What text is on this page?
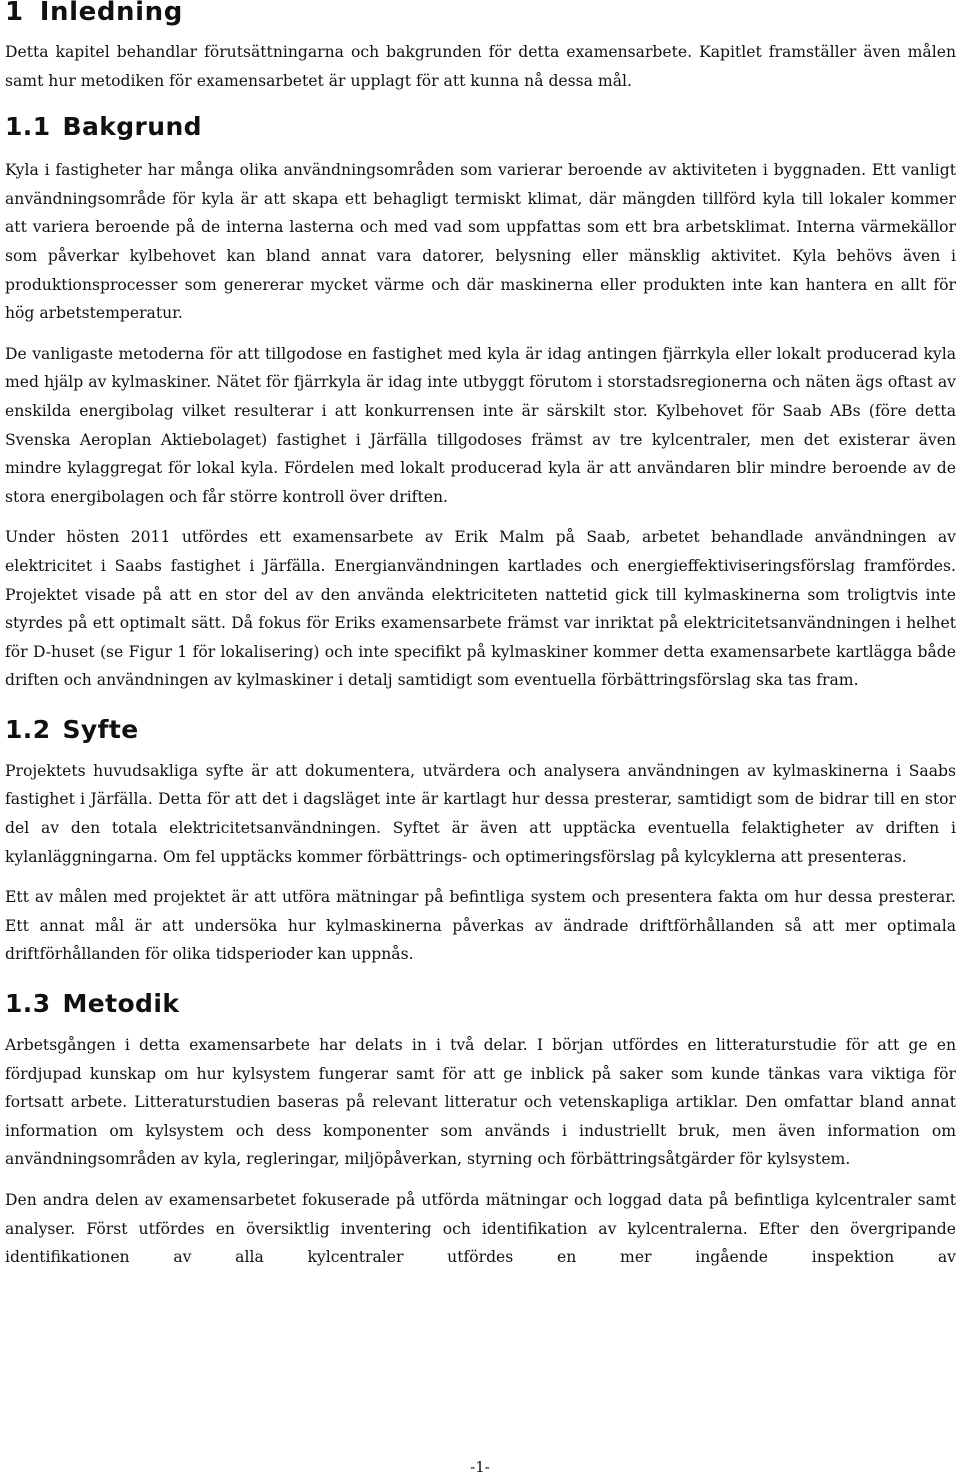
1 Inledning

Detta kapitel behandlar förutsättningarna och bakgrunden för detta examensarbete. Kapitlet framställer även målen samt hur metodiken för examensarbetet är upplagt för att kunna nå dessa mål.

1.1 Bakgrund

Kyla i fastigheter har många olika användningsområden som varierar beroende av aktiviteten i byggnaden. Ett vanligt användningsområde för kyla är att skapa ett behagligt termiskt klimat, där mängden tillförd kyla till lokaler kommer att variera beroende på de interna lasterna och med vad som uppfattas som ett bra arbetsklimat. Interna värmekällor som påverkar kylbehovet kan bland annat vara datorer, belysning eller mänsklig aktivitet. Kyla behövs även i produktionsprocesser som genererar mycket värme och där maskinerna eller produkten inte kan hantera en allt för hög arbetstemperatur.

De vanligaste metoderna för att tillgodose en fastighet med kyla är idag antingen fjärrkyla eller lokalt producerad kyla med hjälp av kylmaskiner. Nätet för fjärrkyla är idag inte utbyggt förutom i storstadsregionerna och näten ägs oftast av enskilda energibolag vilket resulterar i att konkurrensen inte är särskilt stor. Kylbehovet för Saab ABs (före detta Svenska Aeroplan Aktiebolaget) fastighet i Järfälla tillgodoses främst av tre kylcentraler, men det existerar även mindre kylaggregat för lokal kyla. Fördelen med lokalt producerad kyla är att användaren blir mindre beroende av de stora energibolagen och får större kontroll över driften.

Under hösten 2011 utfördes ett examensarbete av Erik Malm på Saab, arbetet behandlade användningen av elektricitet i Saabs fastighet i Järfälla. Energianvändningen kartlades och energieffektiviseringsförslag framfördes. Projektet visade på att en stor del av den använda elektriciteten nattetid gick till kylmaskinerna som troligtvis inte styrdes på ett optimalt sätt. Då fokus för Eriks examensarbete främst var inriktat på elektricitetsanvändningen i helhet för D-huset (se Figur 1 för lokalisering) och inte specifikt på kylmaskiner kommer detta examensarbete kartlägga både driften och användningen av kylmaskiner i detalj samtidigt som eventuella förbättringsförslag ska tas fram.

1.2 Syfte

Projektets huvudsakliga syfte är att dokumentera, utvärdera och analysera användningen av kylmaskinerna i Saabs fastighet i Järfälla. Detta för att det i dagsläget inte är kartlagt hur dessa presterar, samtidigt som de bidrar till en stor del av den totala elektricitetsanvändningen. Syftet är även att upptäcka eventuella felaktigheter av driften i kylanläggningarna. Om fel upptäcks kommer förbättrings- och optimeringsförslag på kylcyklerna att presenteras.

Ett av målen med projektet är att utföra mätningar på befintliga system och presentera fakta om hur dessa presterar. Ett annat mål är att undersöka hur kylmaskinerna påverkas av ändrade driftförhållanden så att mer optimala driftförhållanden för olika tidsperioder kan uppnås.

1.3 Metodik

Arbetsgången i detta examensarbete har delats in i två delar. I början utfördes en litteraturstudie för att ge en fördjupad kunskap om hur kylsystem fungerar samt för att ge inblick på saker som kunde tänkas vara viktiga för fortsatt arbete. Litteraturstudien baseras på relevant litteratur och vetenskapliga artiklar. Den omfattar bland annat information om kylsystem och dess komponenter som används i industriellt bruk, men även information om användningsområden av kyla, regleringar, miljöpåverkan, styrning och förbättringsåtgärder för kylsystem.

Den andra delen av examensarbetet fokuserade på utförda mätningar och loggad data på befintliga kylcentraler samt analyser. Först utfördes en översiktlig inventering och identifikation av kylcentralerna. Efter den övergripande identifikationen av alla kylcentraler utfördes en mer ingående inspektion av

-1-
